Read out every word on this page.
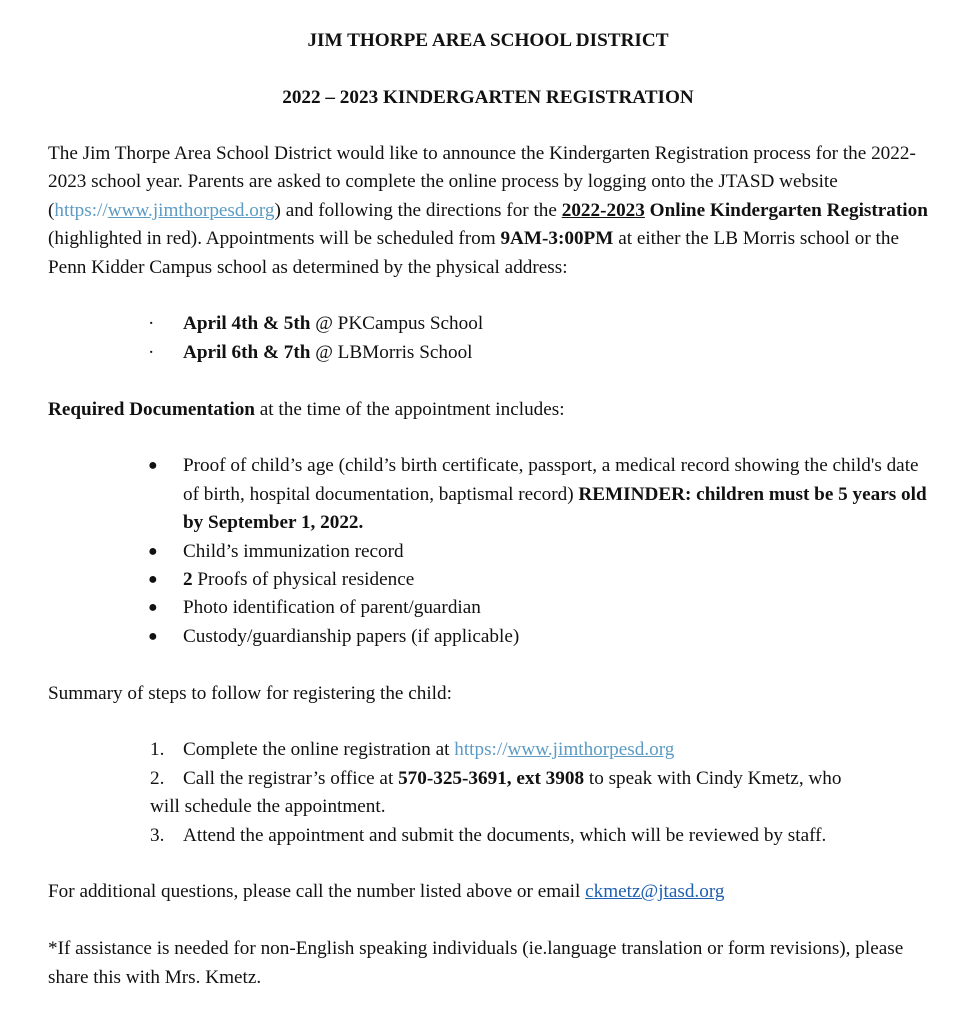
JIM THORPE AREA SCHOOL DISTRICT

2022 – 2023 KINDERGARTEN REGISTRATION

The Jim Thorpe Area School District would like to announce the Kindergarten Registration process for the 2022-2023 school year. Parents are asked to complete the online process by logging onto the JTASD website (https://www.jimthorpesd.org) and following the directions for the 2022-2023 Online Kindergarten Registration (highlighted in red). Appointments will be scheduled from 9AM-3:00PM at either the LB Morris school or the Penn Kidder Campus school as determined by the physical address:

· April 4th & 5th @ PKCampus School
· April 6th & 7th @ LBMorris School

Required Documentation at the time of the appointment includes:

● Proof of child’s age (child’s birth certificate, passport, a medical record showing the child's date of birth, hospital documentation, baptismal record) REMINDER: children must be 5 years old by September 1, 2022.
● Child’s immunization record
● 2 Proofs of physical residence
● Photo identification of parent/guardian
● Custody/guardianship papers (if applicable)

Summary of steps to follow for registering the child:

1. Complete the online registration at https://www.jimthorpesd.org
2. Call the registrar’s office at 570-325-3691, ext 3908 to speak with Cindy Kmetz, who
will schedule the appointment.
3. Attend the appointment and submit the documents, which will be reviewed by staff.

For additional questions, please call the number listed above or email ckmetz@jtasd.org

*If assistance is needed for non-English speaking individuals (ie.language translation or form revisions), please share this with Mrs. Kmetz.
